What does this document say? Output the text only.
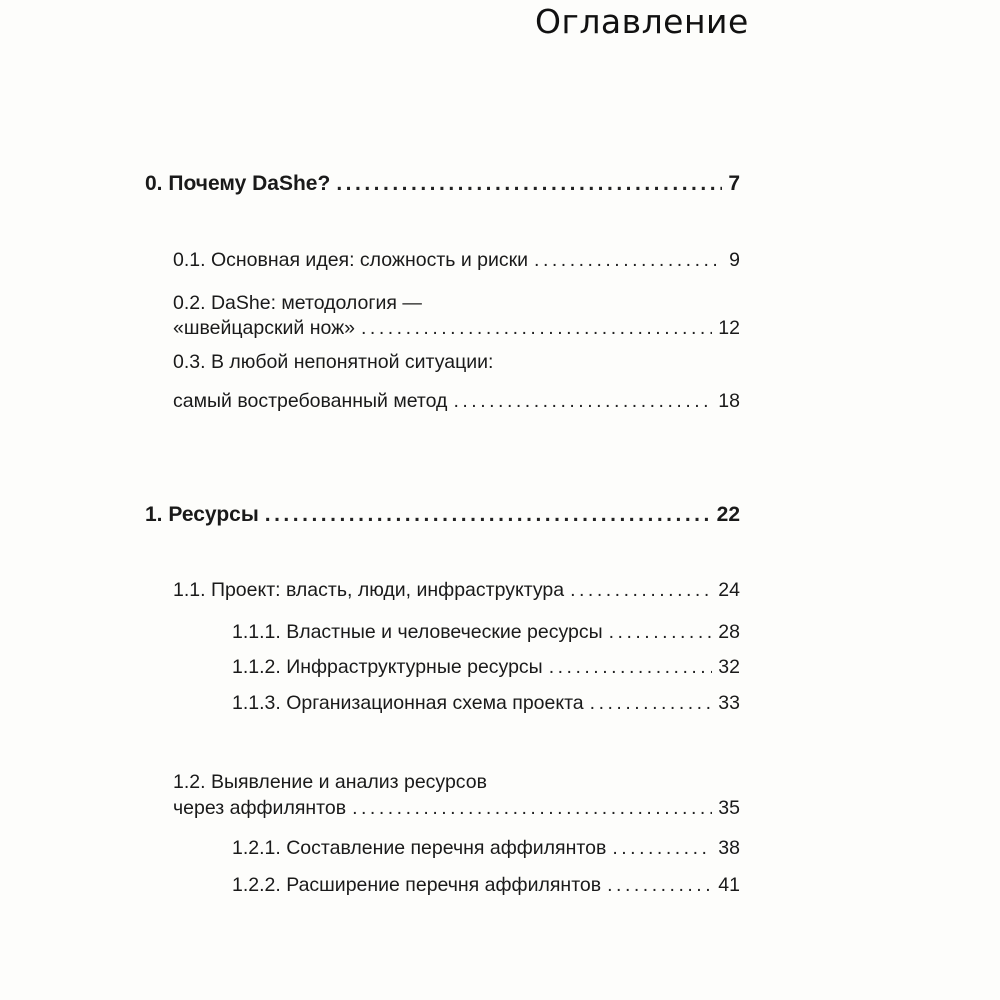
Оглавление
0. Почему DaShe? .....	7
0.1. Основная идея: сложность и риски .....	9
0.2. DaShe: методология —
«швейцарский нож» .....	12
0.3. В любой непонятной ситуации:
самый востребованный метод .....	18
1. Ресурсы .....	22
1.1. Проект: власть, люди, инфраструктура .....	24
1.1.1. Властные и человеческие ресурсы .....	28
1.1.2. Инфраструктурные ресурсы .....	32
1.1.3. Организационная схема проекта .....	33
1.2. Выявление и анализ ресурсов
через аффилянтов .....	35
1.2.1. Составление перечня аффилянтов .....	38
1.2.2. Расширение перечня аффилянтов .....	41
